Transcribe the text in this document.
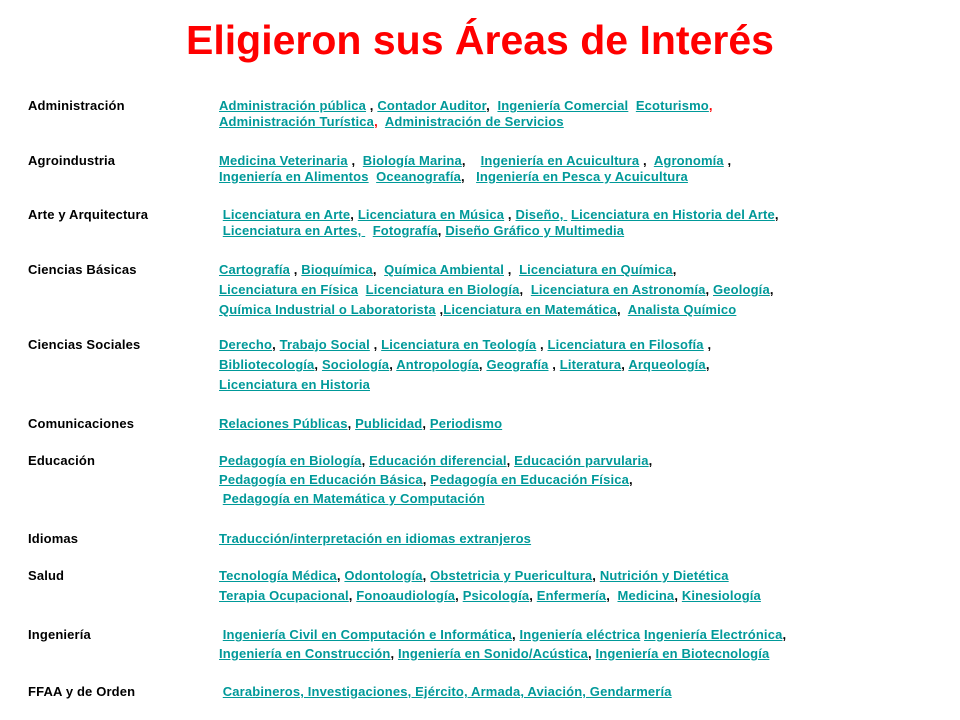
Eligieron sus Áreas de Interés
Administración	Administración pública , Contador Auditor,  Ingeniería Comercial Ecoturismo,
Administración Turística,  Administración de Servicios
Agroindustria	Medicina Veterinaria ,  Biología Marina,    Ingeniería en Acuicultura ,  Agronomía ,
Ingeniería en Alimentos Oceanografía,   Ingeniería en Pesca y Acuicultura
Arte y Arquitectura	Licenciatura en Arte, Licenciatura en Música , Diseño,  Licenciatura en Historia del Arte,
Licenciatura en Artes,   Fotografía, Diseño Gráfico y Multimedia
Ciencias Básicas	Cartografía , Bioquímica,  Química Ambiental ,  Licenciatura en Química,
Licenciatura en Física Licenciatura en Biología,  Licenciatura en Astronomía, Geología,
Química Industrial o Laboratorista ,Licenciatura en Matemática,  Analista Químico
Ciencias Sociales	Derecho, Trabajo Social , Licenciatura en Teología , Licenciatura en Filosofía ,
Bibliotecología, Sociología, Antropología, Geografía , Literatura, Arqueología,
Licenciatura en Historia
Comunicaciones	Relaciones Públicas, Publicidad, Periodismo
Educación	Pedagogía en Biología, Educación diferencial, Educación parvularia,
Pedagogía en Educación Básica, Pedagogía en Educación Física,
Pedagogía en Matemática y Computación
Idiomas	Traducción/interpretación en idiomas extranjeros
Salud	Tecnología Médica, Odontología, Obstetricia y Puericultura, Nutrición y Dietética
Terapia Ocupacional, Fonoaudiología, Psicología, Enfermería,  Medicina, Kinesiología
Ingeniería	Ingeniería Civil en Computación e Informática, Ingeniería eléctrica Ingeniería Electrónica,
Ingeniería en Construcción, Ingeniería en Sonido/Acústica, Ingeniería en Biotecnología
FFAA y de Orden	Carabineros, Investigaciones, Ejército, Armada, Aviación, Gendarmería
